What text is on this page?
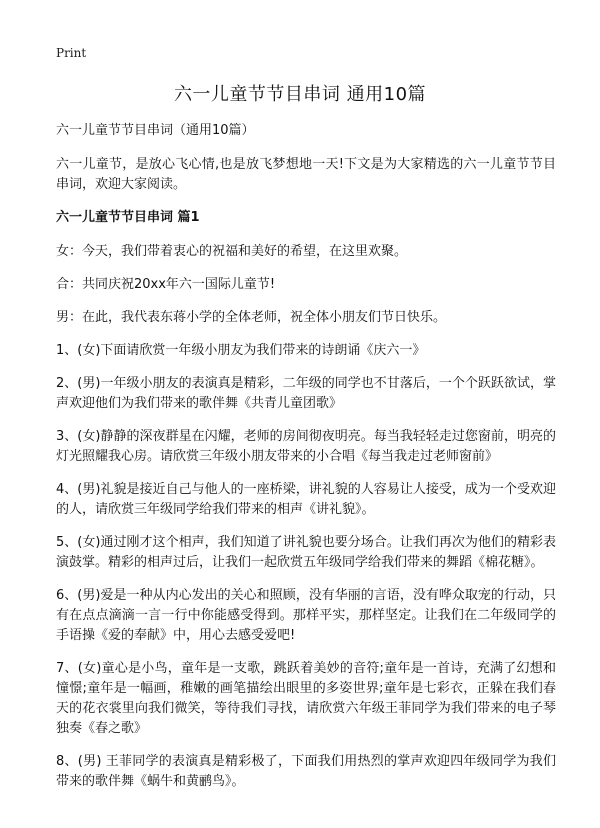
Print
六一儿童节节目串词 通用10篇

六一儿童节节目串词（通用10篇）

六一儿童节，是放心飞心情,也是放飞梦想地一天!下文是为大家精选的六一儿童节节目串词，欢迎大家阅读。

六一儿童节节目串词 篇1

女：今天，我们带着衷心的祝福和美好的希望，在这里欢聚。

合：共同庆祝20xx年六一国际儿童节!

男：在此，我代表东蒋小学的全体老师，祝全体小朋友们节日快乐。

1、(女)下面请欣赏一年级小朋友为我们带来的诗朗诵《庆六一》

2、(男)一年级小朋友的表演真是精彩，二年级的同学也不甘落后，一个个跃跃欲试，掌声欢迎他们为我们带来的歌伴舞《共青儿童团歌》

3、(女)静静的深夜群星在闪耀，老师的房间彻夜明亮。每当我轻轻走过您窗前，明亮的灯光照耀我心房。请欣赏三年级小朋友带来的小合唱《每当我走过老师窗前》

4、(男)礼貌是接近自己与他人的一座桥梁，讲礼貌的人容易让人接受，成为一个受欢迎的人，请欣赏三年级同学给我们带来的相声《讲礼貌》。

5、(女)通过刚才这个相声，我们知道了讲礼貌也要分场合。让我们再次为他们的精彩表演鼓掌。精彩的相声过后，让我们一起欣赏五年级同学给我们带来的舞蹈《棉花糖》。

6、(男)爱是一种从内心发出的关心和照顾，没有华丽的言语，没有哗众取宠的行动，只有在点点滴滴一言一行中你能感受得到。那样平实，那样坚定。让我们在二年级同学的手语操《爱的奉献》中，用心去感受爱吧!

7、(女)童心是小鸟，童年是一支歌，跳跃着美妙的音符;童年是一首诗，充满了幻想和憧憬;童年是一幅画，稚嫩的画笔描绘出眼里的多姿世界;童年是七彩衣，正躲在我们春天的花衣裳里向我们微笑，等待我们寻找，请欣赏六年级王菲同学为我们带来的电子琴独奏《春之歌》

8、(男) 王菲同学的表演真是精彩极了，下面我们用热烈的掌声欢迎四年级同学为我们带来的歌伴舞《蜗牛和黄鹂鸟》。
